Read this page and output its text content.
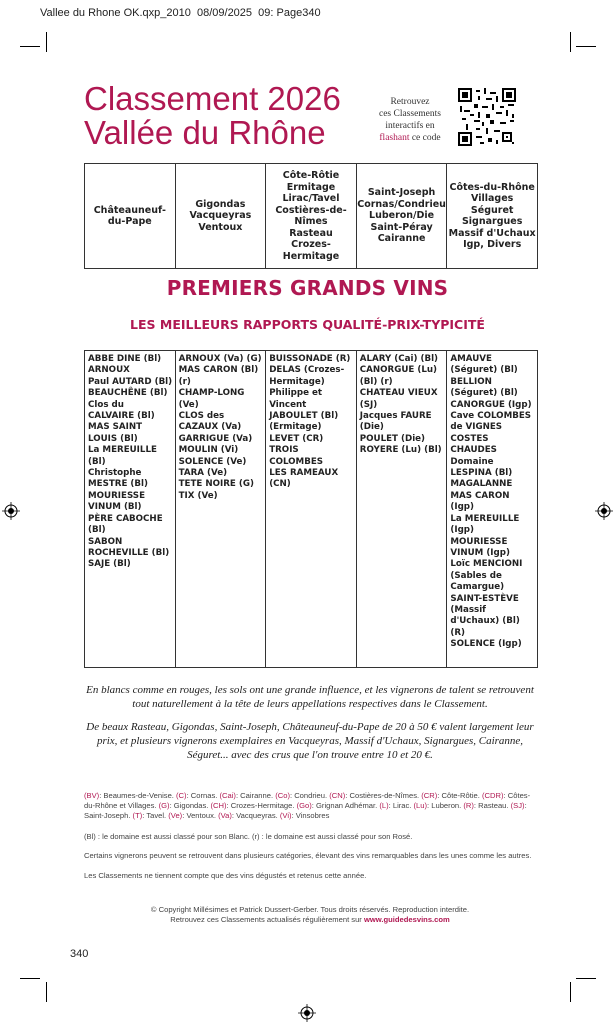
Vallee du Rhone OK.qxp_2010 08/09/2025 09: Page340
Classement 2026
Vallée du Rhône
Retrouvez
ces Classements
interactifs en
flashant ce code
Châteauneuf-
du-Pape
Gigondas
Vacqueyras
Ventoux
Côte-Rôtie
Ermitage
Lirac/Tavel
Costières-de-
Nîmes
Rasteau
Crozes-Hermitage
Saint-Joseph
Cornas/Condrieu
Luberon/Die
Saint-Péray
Cairanne
Côtes-du-Rhône
Villages
Séguret
Signargues
Massif d'Uchaux
Igp, Divers
PREMIERS GRANDS VINS
LES MEILLEURS RAPPORTS QUALITÉ-PRIX-TYPICITÉ
ABBE DINE (Bl)
ARNOUX
Paul AUTARD (Bl)
BEAUCHÊNE (Bl)
Clos du CALVAIRE (Bl)
MAS SAINT LOUIS (Bl)
La MEREUILLE (Bl)
Christophe MESTRE (Bl)
MOURIESSE VINUM (Bl)
PÈRE CABOCHE (Bl)
SABON ROCHEVILLE (Bl)
SAJE (Bl)
ARNOUX (Va) (G)
MAS CARON (Bl) (r)
CHAMP-LONG (Ve)
CLOS des CAZAUX (Va)
GARRIGUE (Va)
MOULIN (Vi)
SOLENCE (Ve)
TARA (Ve)
TETE NOIRE (G)
TIX (Ve)
BUISSONADE (R)
DELAS (Crozes-Hermitage)
Philippe et Vincent JABOULET (Bl)(Ermitage)
LEVET (CR)
TROIS COLOMBES
LES RAMEAUX (CN)
ALARY (Cai) (Bl)
CANORGUE (Lu) (Bl) (r)
CHATEAU VIEUX (SJ)
Jacques FAURE (Die)
POULET (Die)
ROYERE (Lu) (Bl)
AMAUVE (Séguret) (Bl)
BELLION (Séguret) (Bl)
CANORGUE (Igp)
Cave COLOMBES de VIGNES
COSTES CHAUDES
Domaine LESPINA (Bl)
MAGALANNE
MAS CARON (Igp)
La MEREUILLE (Igp)
MOURIESSE VINUM (Igp)
Loïc MENCIONI (Sables de Camargue)
SAINT-ESTÈVE (Massif d'Uchaux) (Bl) (R)
SOLENCE (Igp)
En blancs comme en rouges, les sols ont une grande influence, et les vignerons de talent se retrouvent tout naturellement à la tête de leurs appellations respectives dans le Classement.
De beaux Rasteau, Gigondas, Saint-Joseph, Châteauneuf-du-Pape de 20 à 50 € valent largement leur prix, et plusieurs vignerons exemplaires en Vacqueyras, Massif d'Uchaux, Signargues, Cairanne, Séguret... avec des crus que l'on trouve entre 10 et 20 €.
(BV): Beaumes-de-Venise. (C): Cornas. (Cai): Cairanne. (Co): Condrieu. (CN): Costières-de-Nîmes. (CR): Côte-Rôtie. (CDR): Côtes-du-Rhône et Villages. (G): Gigondas. (CH): Crozes-Hermitage. (Go): Grignan Adhémar. (L): Lirac. (Lu): Luberon. (R): Rasteau. (SJ): Saint-Joseph. (T): Tavel. (Ve): Ventoux. (Va): Vacqueyras. (Vi): Vinsobres
(Bl) : le domaine est aussi classé pour son Blanc. (r) : le domaine est aussi classé pour son Rosé.
Certains vignerons peuvent se retrouvent dans plusieurs catégories, élevant des vins remarquables dans les unes comme les autres.
Les Classements ne tiennent compte que des vins dégustés et retenus cette année.
© Copyright Millésimes et Patrick Dussert-Gerber. Tous droits réservés. Reproduction interdite.
Retrouvez ces Classements actualisés régulièrement sur www.guidedesvins.com
340
